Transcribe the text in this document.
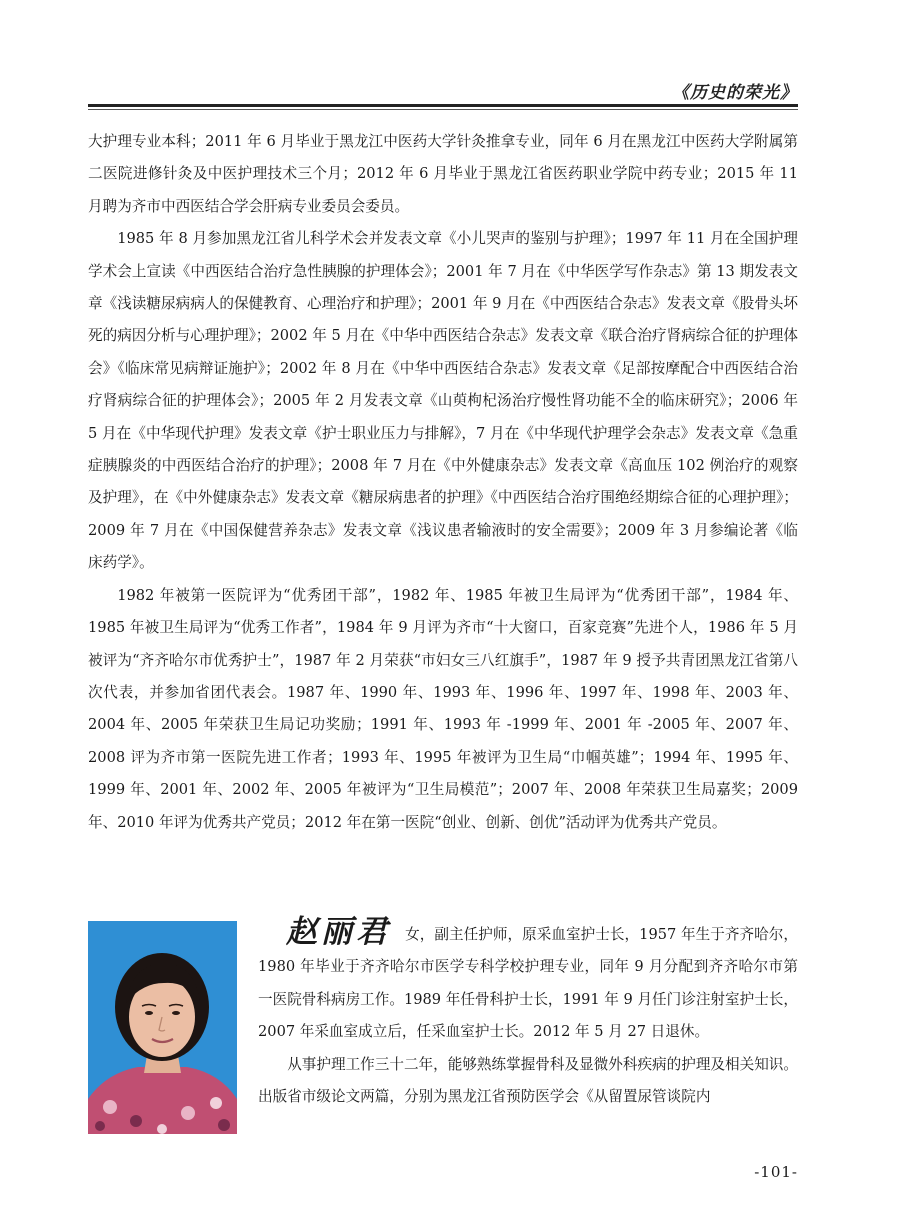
《历史的荣光》

大护理专业本科；2011 年 6 月毕业于黑龙江中医药大学针灸推拿专业，同年 6 月在黑龙江中医药大学附属第二医院进修针灸及中医护理技术三个月；2012 年 6 月毕业于黑龙江省医药职业学院中药专业；2015 年 11 月聘为齐市中西医结合学会肝病专业委员会委员。

1985 年 8 月参加黑龙江省儿科学术会并发表文章《小儿哭声的鉴别与护理》；1997 年 11 月在全国护理学术会上宣读《中西医结合治疗急性胰腺的护理体会》；2001 年 7 月在《中华医学写作杂志》第 13 期发表文章《浅读糖尿病病人的保健教育、心理治疗和护理》；2001 年 9 月在《中西医结合杂志》发表文章《股骨头坏死的病因分析与心理护理》；2002 年 5 月在《中华中西医结合杂志》发表文章《联合治疗肾病综合征的护理体会》《临床常见病辩证施护》；2002 年 8 月在《中华中西医结合杂志》发表文章《足部按摩配合中西医结合治疗肾病综合征的护理体会》；2005 年 2 月发表文章《山萸枸杞汤治疗慢性肾功能不全的临床研究》；2006 年 5 月在《中华现代护理》发表文章《护士职业压力与排解》，7 月在《中华现代护理学会杂志》发表文章《急重症胰腺炎的中西医结合治疗的护理》；2008 年 7 月在《中外健康杂志》发表文章《高血压 102 例治疗的观察及护理》，在《中外健康杂志》发表文章《糖尿病患者的护理》《中西医结合治疗围绝经期综合征的心理护理》；2009 年 7 月在《中国保健营养杂志》发表文章《浅议患者输液时的安全需要》；2009 年 3 月参编论著《临床药学》。

1982 年被第一医院评为“优秀团干部”，1982 年、1985 年被卫生局评为“优秀团干部”，1984 年、1985 年被卫生局评为“优秀工作者”，1984 年 9 月评为齐市“十大窗口，百家竞赛”先进个人，1986 年 5 月被评为“齐齐哈尔市优秀护士”，1987 年 2 月荣获“市妇女三八红旗手”，1987 年 9 授予共青团黑龙江省第八次代表，并参加省团代表会。1987 年、1990 年、1993 年、1996 年、1997 年、1998 年、2003 年、2004 年、2005 年荣获卫生局记功奖励；1991 年、1993 年 -1999 年、2001 年 -2005 年、2007 年、2008 评为齐市第一医院先进工作者；1993 年、1995 年被评为卫生局“巾帼英雄”；1994 年、1995 年、1999 年、2001 年、2002 年、2005 年被评为“卫生局模范”；2007 年、2008 年荣获卫生局嘉奖；2009 年、2010 年评为优秀共产党员；2012 年在第一医院“创业、创新、创优”活动评为优秀共产党员。

赵丽君 女，副主任护师，原采血室护士长，1957 年生于齐齐哈尔，1980 年毕业于齐齐哈尔市医学专科学校护理专业，同年 9 月分配到齐齐哈尔市第一医院骨科病房工作。1989 年任骨科护士长，1991 年 9 月任门诊注射室护士长，2007 年采血室成立后，任采血室护士长。2012 年 5 月 27 日退休。

从事护理工作三十二年，能够熟练掌握骨科及显微外科疾病的护理及相关知识。出版省市级论文两篇，分别为黑龙江省预防医学会《从留置尿管谈院内

-101-
